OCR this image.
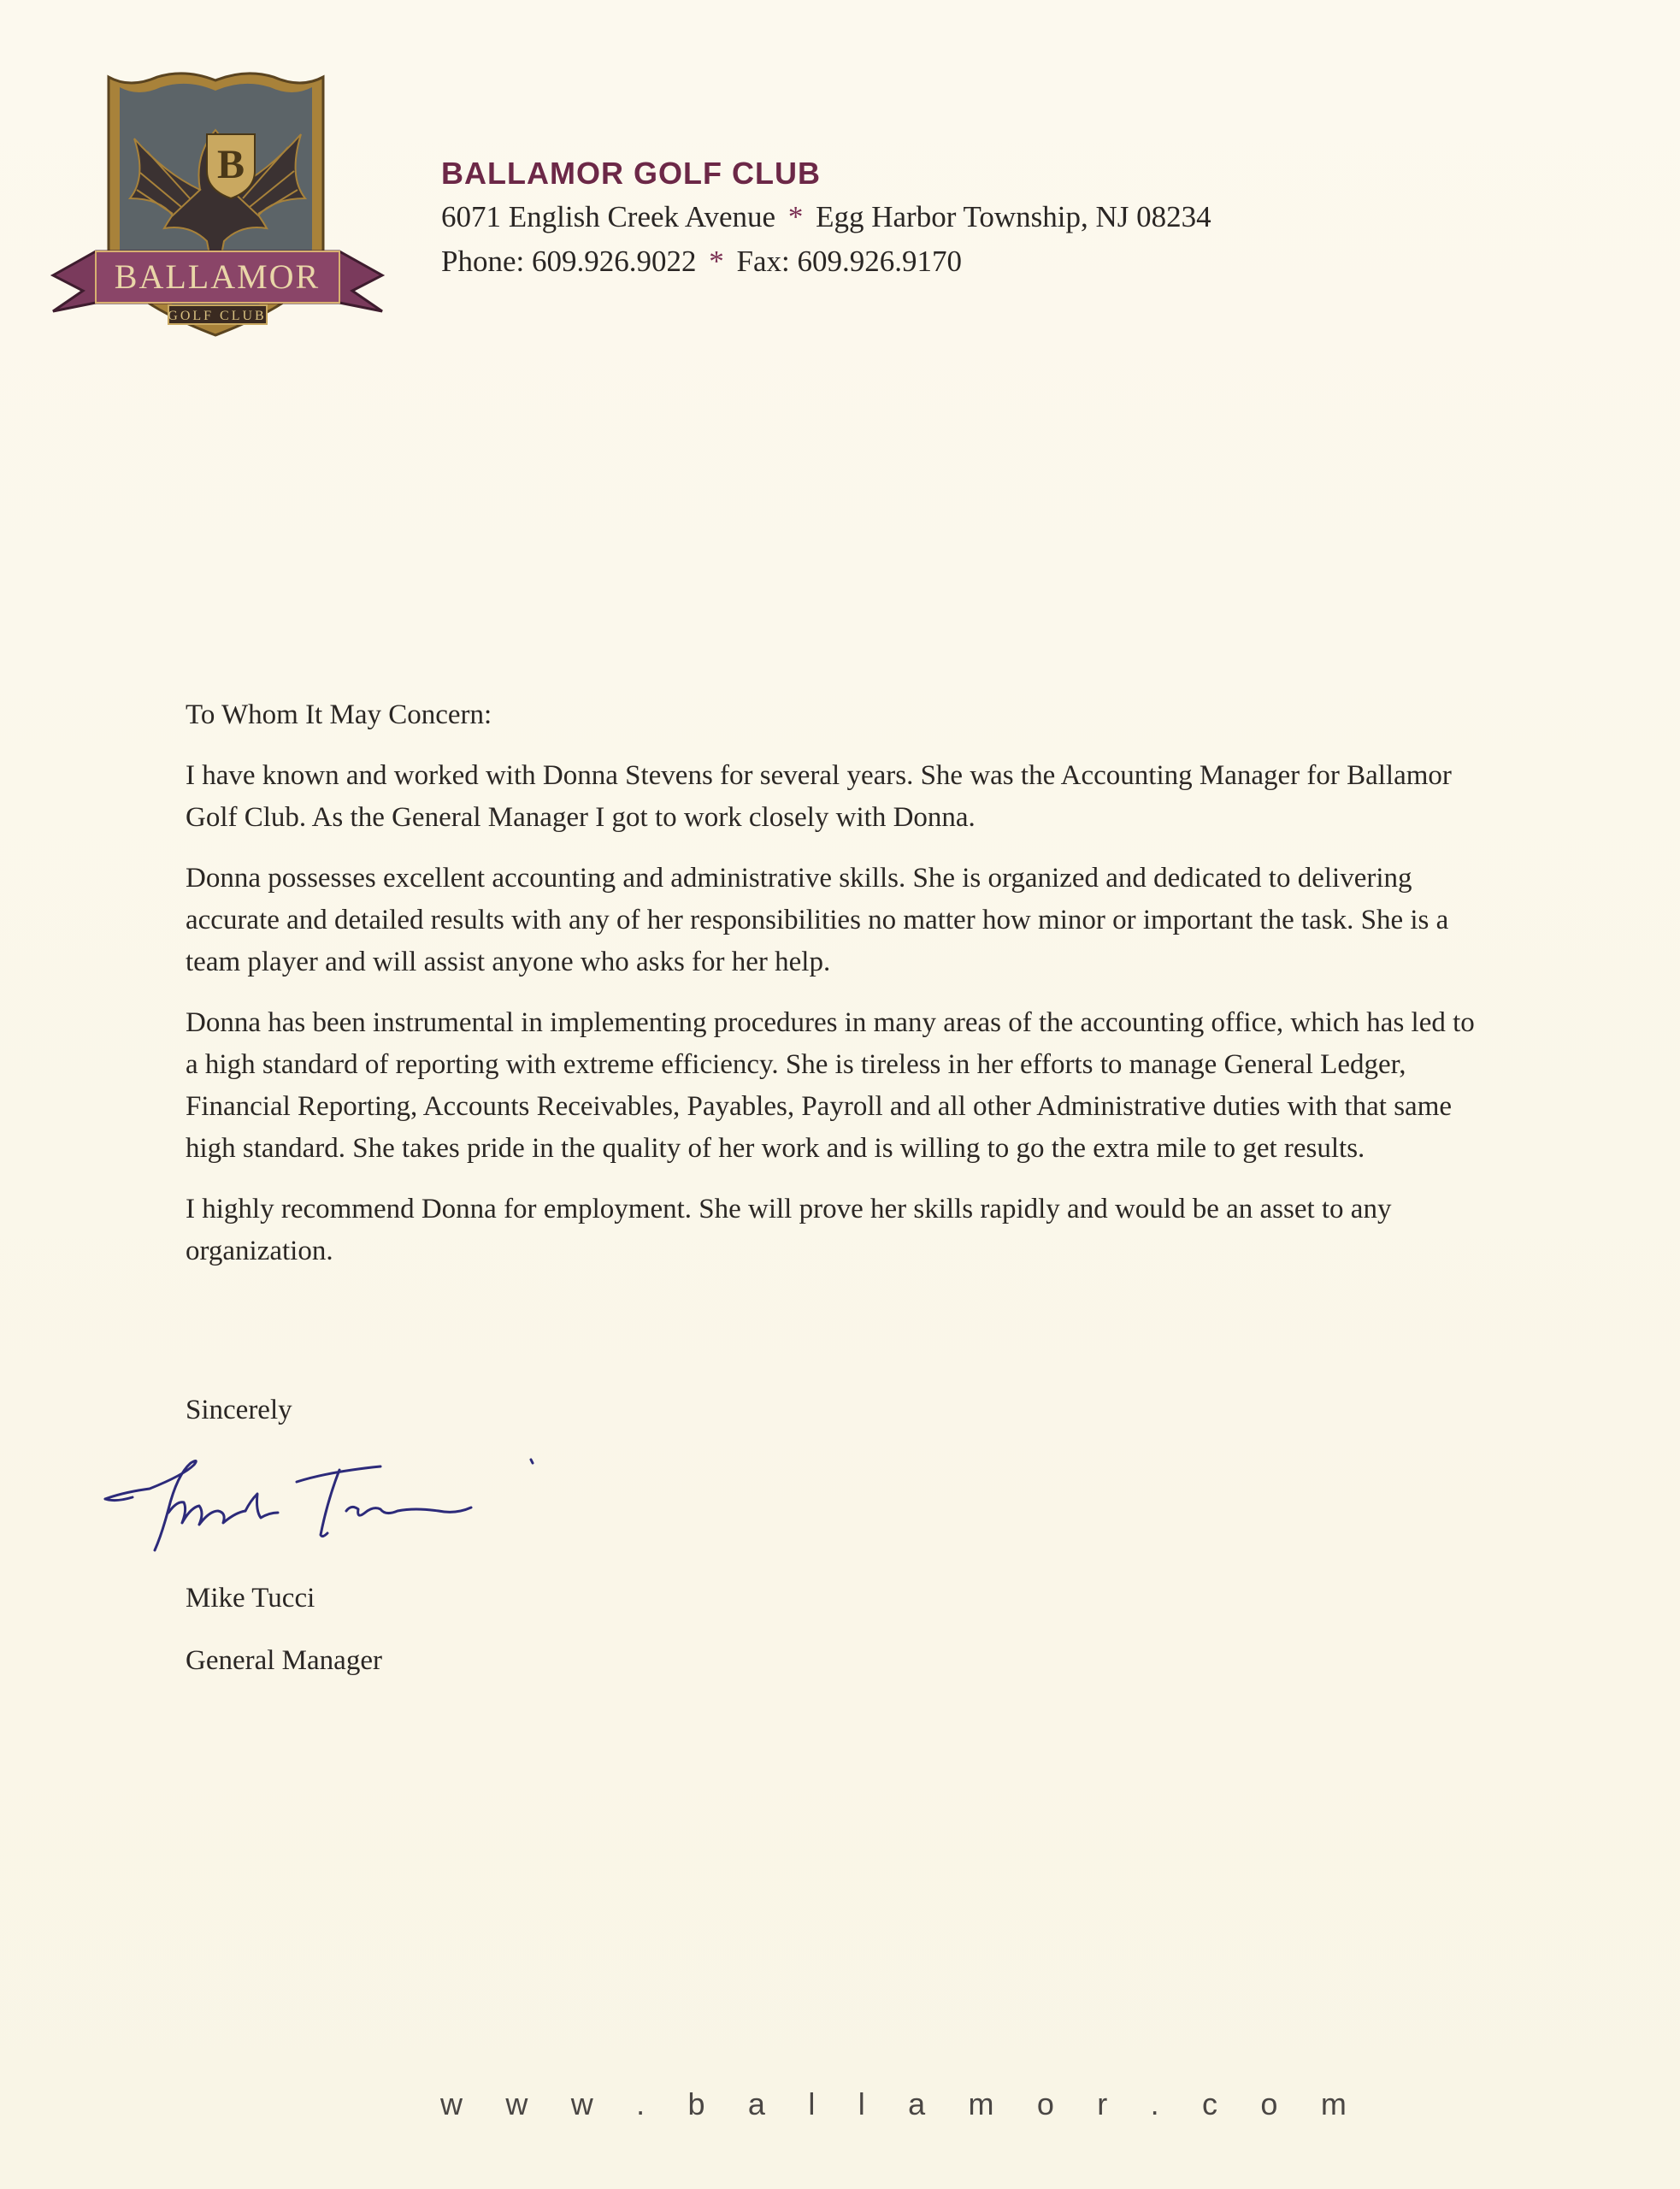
B
BALLAMOR
GOLF CLUB

BALLAMOR GOLF CLUB

6071 English Creek Avenue * Egg Harbor Township, NJ 08234

Phone: 609.926.9022 * Fax: 609.926.9170

To Whom It May Concern:

I have known and worked with Donna Stevens for several years. She was the Accounting Manager for Ballamor Golf Club. As the General Manager I got to work closely with Donna.

Donna possesses excellent accounting and administrative skills. She is organized and dedicated to delivering accurate and detailed results with any of her responsibilities no matter how minor or important the task. She is a team player and will assist anyone who asks for her help.

Donna has been instrumental in implementing procedures in many areas of the accounting office, which has led to a high standard of reporting with extreme efficiency. She is tireless in her efforts to manage General Ledger, Financial Reporting, Accounts Receivables, Payables, Payroll and all other Administrative duties with that same high standard. She takes pride in the quality of her work and is willing to go the extra mile to get results.

I highly recommend Donna for employment. She will prove her skills rapidly and would be an asset to any organization.

Sincerely
Mike Tucci
General Manager
w w w . b a l l a m o r . c o m
